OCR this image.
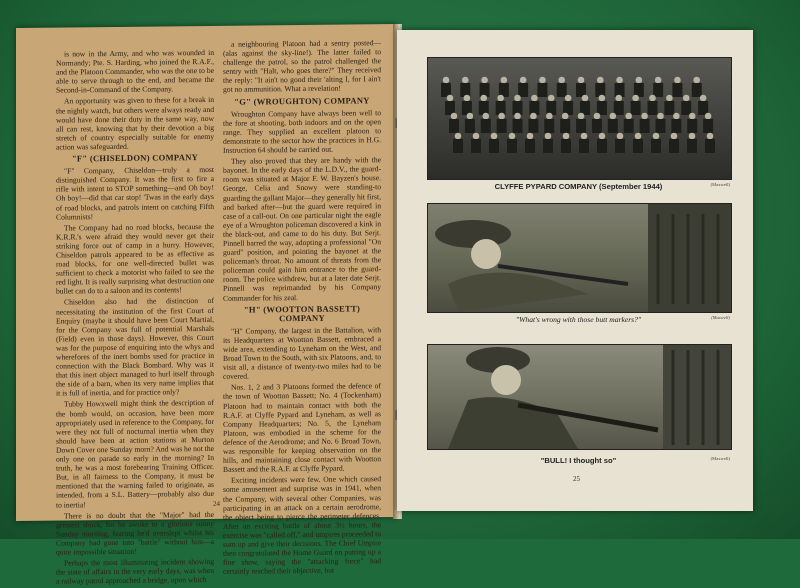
is now in the Army, and who was wounded in Normandy; Pte. S. Harding, who joined the R.A.F., and the Platoon Commander, who was the one to be able to serve through to the end, and became the Second-in-Command of the Company.

An opportunity was given to these for a break in the nightly watch, but others were always ready and would have done their duty in the same way, now all can rest, knowing that by their devotion a big stretch of country especially suitable for enemy action was safeguarded.

"F" (CHISELDON) COMPANY

"F" Company, Chiseldon—truly a most distinguished Company. It was the first to fire a rifle with intent to STOP something—and Oh boy! Oh boy!—did that car stop! 'Twas in the early days of road blocks, and patrols intent on catching Fifth Columnists!

The Company had no road blocks, because the K.R.R.'s were afraid they would never get their striking force out of camp in a hurry. However, Chiseldon patrols appeared to be as effective as road blocks, for one well-directed bullet was sufficient to check a motorist who failed to see the red light. It is really surprising what destruction one bullet can do to a saloon and its contents!

Chiseldon also had the distinction of necessitating the institution of the first Court of Enquiry (maybe it should have been Court Martial, for the Company was full of potential Marshals (Field) even in those days). However, this Court was for the purpose of enquiring into the whys and wherefores of the inert bombs used for practice in connection with the Black Bombard. Why was it that this inert object managed to hurl itself through the side of a barn, when its very name implies that it is full of inertia, and for practice only?

Tubby Howxwell might think the description of the bomb would, on occasion, have been more appropriately used in reference to the Company, for were they not full of nocturnal inertia when they should have been at action stations at Murton Down Cover one Sunday morn? And was he not the only one on parade so early in the morning? In truth, he was a most forebearing Training Officer. But, in all fairness to the Company, it must be mentioned that the warning failed to originate, as intended, from a S.L. Battery—probably also due to inertia!

There is no doubt that the "Major" had the greatest shock, for he awoke to a glorious sunny Sunday morning, fearing he'd overslept whilst his Company had gone into "battle" without him—a quite impossible situation!

Perhaps the most illuminating incident showing the state of affairs in the very early days, was when a railway patrol approached a bridge, upon which

a neighbouring Platoon had a sentry posted—(alas against the sky-line!). The latter failed to challenge the patrol, so the patrol challenged the sentry with "Halt, who goes there?" They received the reply: "It ain't no good their 'alting I, for I ain't got no ammunition. What a revelation!

"G" (WROUGHTON) COMPANY

Wroughton Company have always been well to the fore at shooting, both indoors and on the open range. They supplied an excellent platoon to demonstrate to the sector how the practices in H.G. Instruction 64 should be carried out.

They also proved that they are handy with the bayonet. In the early days of the L.D.V., the guard-room was situated at Major F. W. Bayzen's house. George, Celia and Snowy were standing-to guarding the gallant Major—they generally hit first, and barked after—but the guard were required in case of a call-out. On one particular night the eagle eye of a Wroughton policeman discovered a kink in the black-out, and came to do his duty. But Serjt. Pinnell barred the way, adopting a professional "On guard" position, and pointing the bayonet at the policeman's throat. No amount of threats from the policeman could gain him entrance to the guard-room. The police withdrew, but at a later date Serjt. Pinnell was reprimanded by his Company Commander for his zeal.

"H" (WOOTTON BASSETT) COMPANY

"H" Company, the largest in the Battalion, with its Headquarters at Wootton Bassett, embraced a wide area, extending to Lyneham on the West, and Broad Town to the South, with six Platoons, and, to visit all, a distance of twenty-two miles had to be covered.

Nos. 1, 2 and 3 Platoons formed the defence of the town of Wootton Bassett; No. 4 (Tockenham) Platoon had to maintain contact with both the R.A.F. at Clyffe Pypard and Lyneham, as well as Company Headquarters; No. 5, the Lyneham Platoon, was embodied in the scheme for the defence of the Aerodrome; and No. 6 Broad Town, was responsible for keeping observation on the hills, and maintaining close contact with Wootton Bassett and the R.A.F. at Clyffe Pypard.

Exciting incidents were few. One which caused some amusement and surprise was in 1941, when the Company, with several other Companies, was participating in an attack on a certain aerodrome, the object being to pierce the perimeter defences. After an exciting battle of about 3½ hours, the exercise was "called off," and umpires proceeded to sum up and give their decisions. The Chief Umpire then congratulated the Home Guard on putting up a fine show, saying the "attacking force" had certainly reached their objective, but

24
CLYFFE PYPARD COMPANY (September 1944)	(Maxwell)
"What's wrong with those butt markers?"	(Maxwell)
"BULL! I thought so"	(Maxwell)
25
